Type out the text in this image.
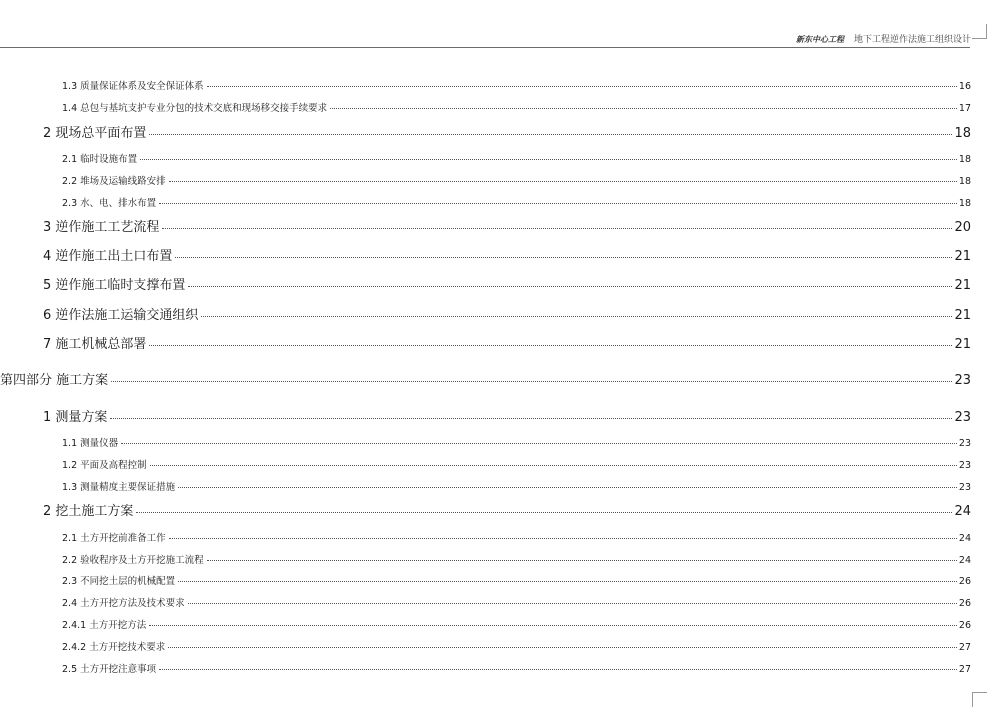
新东中心工程 地下工程逆作法施工组织设计
1.3 质量保证体系及安全保证体系	16
1.4 总包与基坑支护专业分包的技术交底和现场移交接手续要求	17
2 现场总平面布置	18
2.1 临时设施布置	18
2.2 堆场及运输线路安排	18
2.3 水、电、排水布置	18
3 逆作施工工艺流程	20
4 逆作施工出土口布置	21
5 逆作施工临时支撑布置	21
6 逆作法施工运输交通组织	21
7 施工机械总部署	21
第四部分 施工方案	23
1 测量方案	23
1.1 测量仪器	23
1.2 平面及高程控制	23
1.3 测量精度主要保证措施	23
2 挖土施工方案	24
2.1 土方开挖前准备工作	24
2.2 验收程序及土方开挖施工流程	24
2.3 不同挖土层的机械配置	26
2.4 土方开挖方法及技术要求	26
2.4.1 土方开挖方法	26
2.4.2 土方开挖技术要求	27
2.5 土方开挖注意事项	27
